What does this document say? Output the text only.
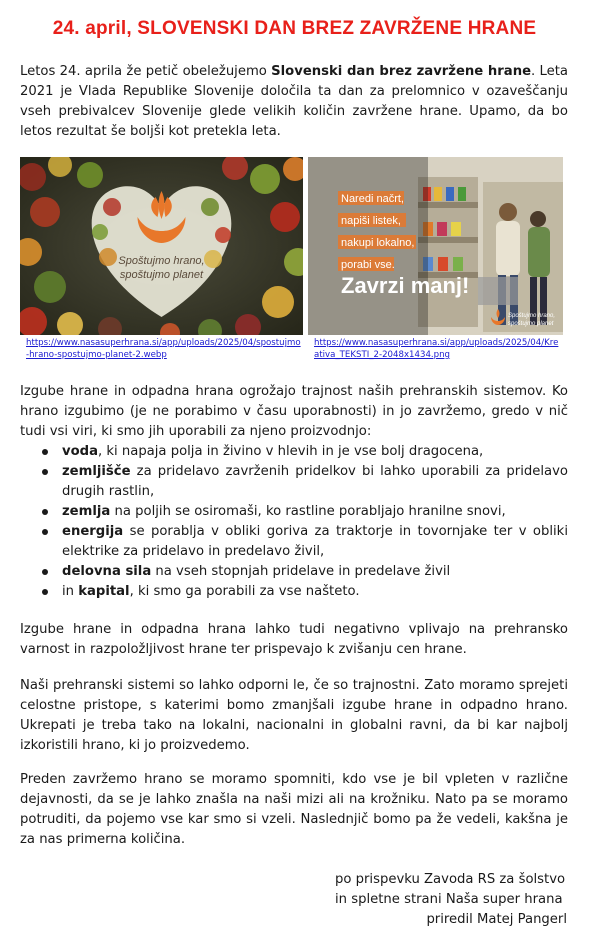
24. april, SLOVENSKI DAN BREZ ZAVRŽENE HRANE

Letos 24. aprila že petič obeležujemo Slovenski dan brez zavržene hrane. Leta 2021 je Vlada Republike Slovenije določila ta dan za prelomnico v ozaveščanju vseh prebivalcev Slovenije glede velikih količin zavržene hrane. Upamo, da bo letos rezultat še boljši kot pretekla leta.

Spoštujmo hrano,
spoštujmo planet
https://www.nasasuperhrana.si/app/uploads/2025/04/spostujmo-hrano-spostujmo-planet-2.webp
Naredi načrt,
napiši listek,
nakupi lokalno,
porabi vse.
Zavrzi manj!
Spoštujmo hrano,
spoštujmo planet
https://www.nasasuperhrana.si/app/uploads/2025/04/Kreativa_TEKSTI_2-2048x1434.png

Izgube hrane in odpadna hrana ogrožajo trajnost naših prehranskih sistemov. Ko hrano izgubimo (je ne porabimo v času uporabnosti) in jo zavržemo, gredo v nič tudi vsi viri, ki smo jih uporabili za njeno proizvodnjo:

voda, ki napaja polja in živino v hlevih in je vse bolj dragocena,
zemljišče za pridelavo zavrženih pridelkov bi lahko uporabili za pridelavo drugih rastlin,
zemlja na poljih se osiromaši, ko rastline porabljajo hranilne snovi,
energija se porablja v obliki goriva za traktorje in tovornjake ter v obliki elektrike za pridelavo in predelavo živil,
delovna sila na vseh stopnjah pridelave in predelave živil
in kapital, ki smo ga porabili za vse našteto.

Izgube hrane in odpadna hrana lahko tudi negativno vplivajo na prehransko varnost in razpoložljivost hrane ter prispevajo k zvišanju cen hrane.

Naši prehranski sistemi so lahko odporni le, če so trajnostni. Zato moramo sprejeti celostne pristope, s katerimi bomo zmanjšali izgube hrane in odpadno hrano. Ukrepati je treba tako na lokalni, nacionalni in globalni ravni, da bi kar najbolj izkoristili hrano, ki jo proizvedemo.

Preden zavržemo hrano se moramo spomniti, kdo vse je bil vpleten v različne dejavnosti, da se je lahko znašla na naši mizi ali na krožniku. Nato pa se moramo potruditi, da pojemo vse kar smo si vzeli. Naslednjič bomo pa že vedeli, kakšna je za nas primerna količina.

po prispevku Zavoda RS za šolstvo
in spletne strani Naša super hrana
priredil Matej Pangerl
